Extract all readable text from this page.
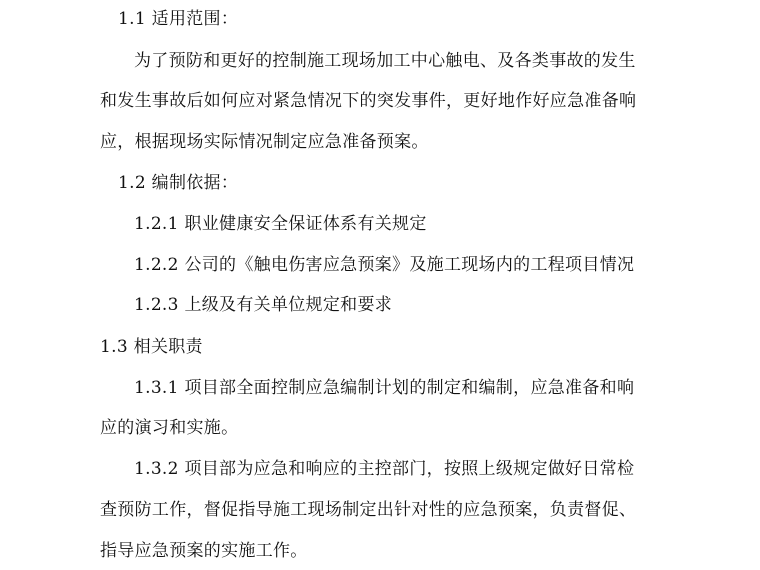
1.1 适用范围：
为了预防和更好的控制施工现场加工中心触电、及各类事故的发生
和发生事故后如何应对紧急情况下的突发事件，更好地作好应急准备响
应，根据现场实际情况制定应急准备预案。
1.2 编制依据：
1.2.1 职业健康安全保证体系有关规定
1.2.2 公司的《触电伤害应急预案》及施工现场内的工程项目情况
1.2.3 上级及有关单位规定和要求
1.3 相关职责
1.3.1 项目部全面控制应急编制计划的制定和编制，应急准备和响
应的演习和实施。
1.3.2 项目部为应急和响应的主控部门，按照上级规定做好日常检
查预防工作，督促指导施工现场制定出针对性的应急预案，负责督促、
指导应急预案的实施工作。
